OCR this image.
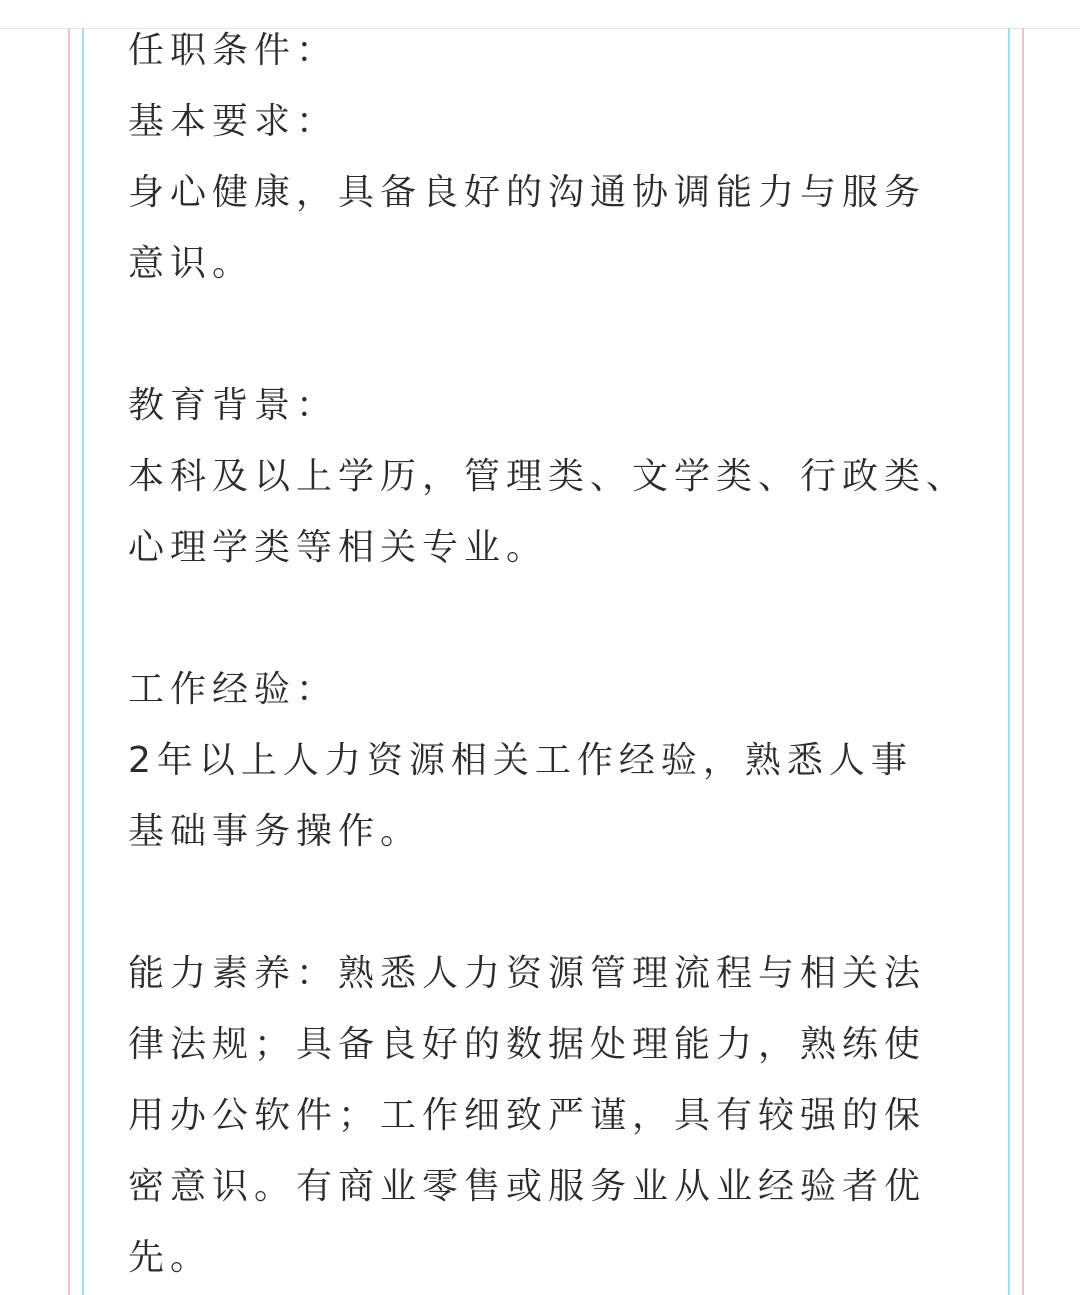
任职条件：
基本要求：
身心健康，具备良好的沟通协调能力与服务
意识。
教育背景：
本科及以上学历，管理类、文学类、行政类、
心理学类等相关专业。
工作经验：
2年以上人力资源相关工作经验，熟悉人事
基础事务操作。
能力素养：熟悉人力资源管理流程与相关法
律法规；具备良好的数据处理能力，熟练使
用办公软件；工作细致严谨，具有较强的保
密意识。有商业零售或服务业从业经验者优
先。
